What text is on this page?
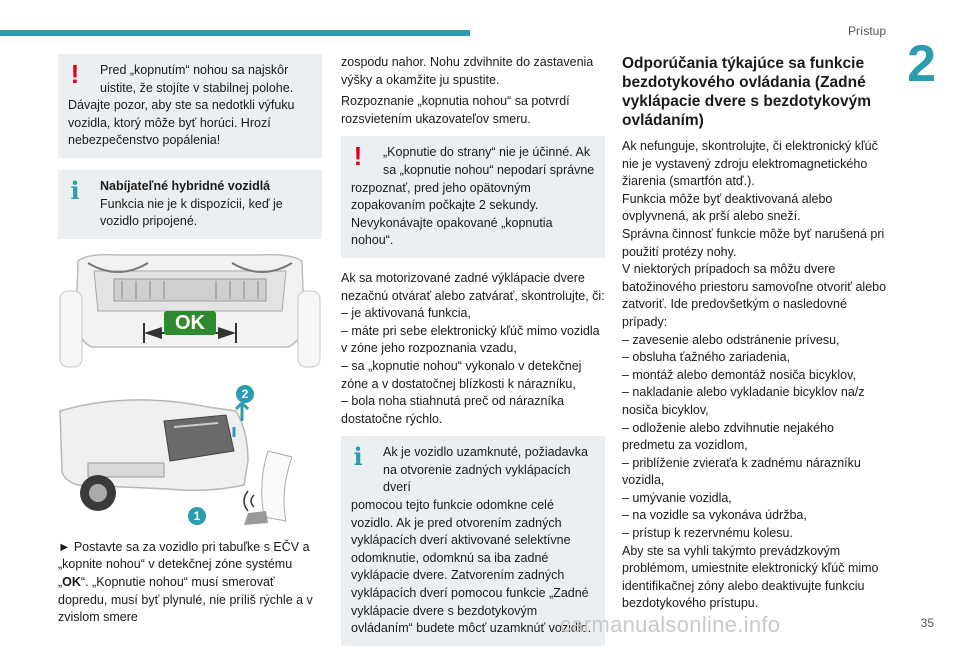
Prístup
2
!	Pred „kopnutím“ nohou sa najskôr uistite, že stojíte v stabilnej polohe.

Dávajte pozor, aby ste sa nedotkli výfuku vozidla, ktorý môže byť horúci. Hrozí nebezpečenstvo popálenia!

i	Nabíjateľné hybridné vozidlá

Funkcia nie je k dispozícii, keď je vozidlo pripojené.

OK
2
1

► Postavte sa za vozidlo pri tabuľke s EČV a „kopnite nohou“ v detekčnej zóne systému „OK“. „Kopnutie nohou“ musí smerovať dopredu, musí byť plynulé, nie príliš rýchle a v zvislom smere

zospodu nahor. Nohu zdvihnite do zastavenia výšky a okamžite ju spustite.

Rozpoznanie „kopnutia nohou“ sa potvrdí rozsvietením ukazovateľov smeru.

!	„Kopnutie do strany“ nie je účinné. Ak sa „kopnutie nohou“ nepodarí správne

rozpoznať, pred jeho opätovným zopakovaním počkajte 2 sekundy. Nevykonávajte opakované „kopnutia nohou“.

Ak sa motorizované zadné výklápacie dvere nezačnú otvárať alebo zatvárať, skontrolujte, či:

– je aktivovaná funkcia,
– máte pri sebe elektronický kľúč mimo vozidla v zóne jeho rozpoznania vzadu,
– sa „kopnutie nohou“ vykonalo v detekčnej zóne a v dostatočnej blízkosti k nárazníku,
– bola noha stiahnutá preč od nárazníka dostatočne rýchlo.
i	Ak je vozidlo uzamknuté, požiadavka na otvorenie zadných vyklápacích dverí

pomocou tejto funkcie odomkne celé vozidlo. Ak je pred otvorením zadných vyklápacích dverí aktivované selektívne odomknutie, odomknú sa iba zadné vyklápacie dvere. Zatvorením zadných vyklápacích dverí pomocou funkcie „Zadné vyklápacie dvere s bezdotykovým ovládaním“ budete môcť uzamknúť vozidlo.

Odporúčania týkajúce sa funkcie bezdotykového ovládania (Zadné vyklápacie dvere s bezdotykovým ovládaním)

Ak nefunguje, skontrolujte, či elektronický kľúč nie je vystavený zdroju elektromagnetického žiarenia (smartfón atď.).

Funkcia môže byť deaktivovaná alebo ovplyvnená, ak prší alebo sneží.

Správna činnosť funkcie môže byť narušená pri použití protézy nohy.

V niektorých prípadoch sa môžu dvere batožinového priestoru samovoľne otvoriť alebo zatvoriť. Ide predovšetkým o nasledovné prípady:

– zavesenie alebo odstránenie prívesu,
– obsluha ťažného zariadenia,
– montáž alebo demontáž nosiča bicyklov,
– nakladanie alebo vykladanie bicyklov na/z nosiča bicyklov,
– odloženie alebo zdvihnutie nejakého predmetu za vozidlom,
– priblíženie zvieraťa k zadnému nárazníku vozidla,
– umývanie vozidla,
– na vozidle sa vykonáva údržba,
– prístup k rezervnému kolesu.

Aby ste sa vyhli takýmto prevádzkovým problémom, umiestnite elektronický kľúč mimo identifikačnej zóny alebo deaktivujte funkciu bezdotykového prístupu.

carmanualsonline.info	35
